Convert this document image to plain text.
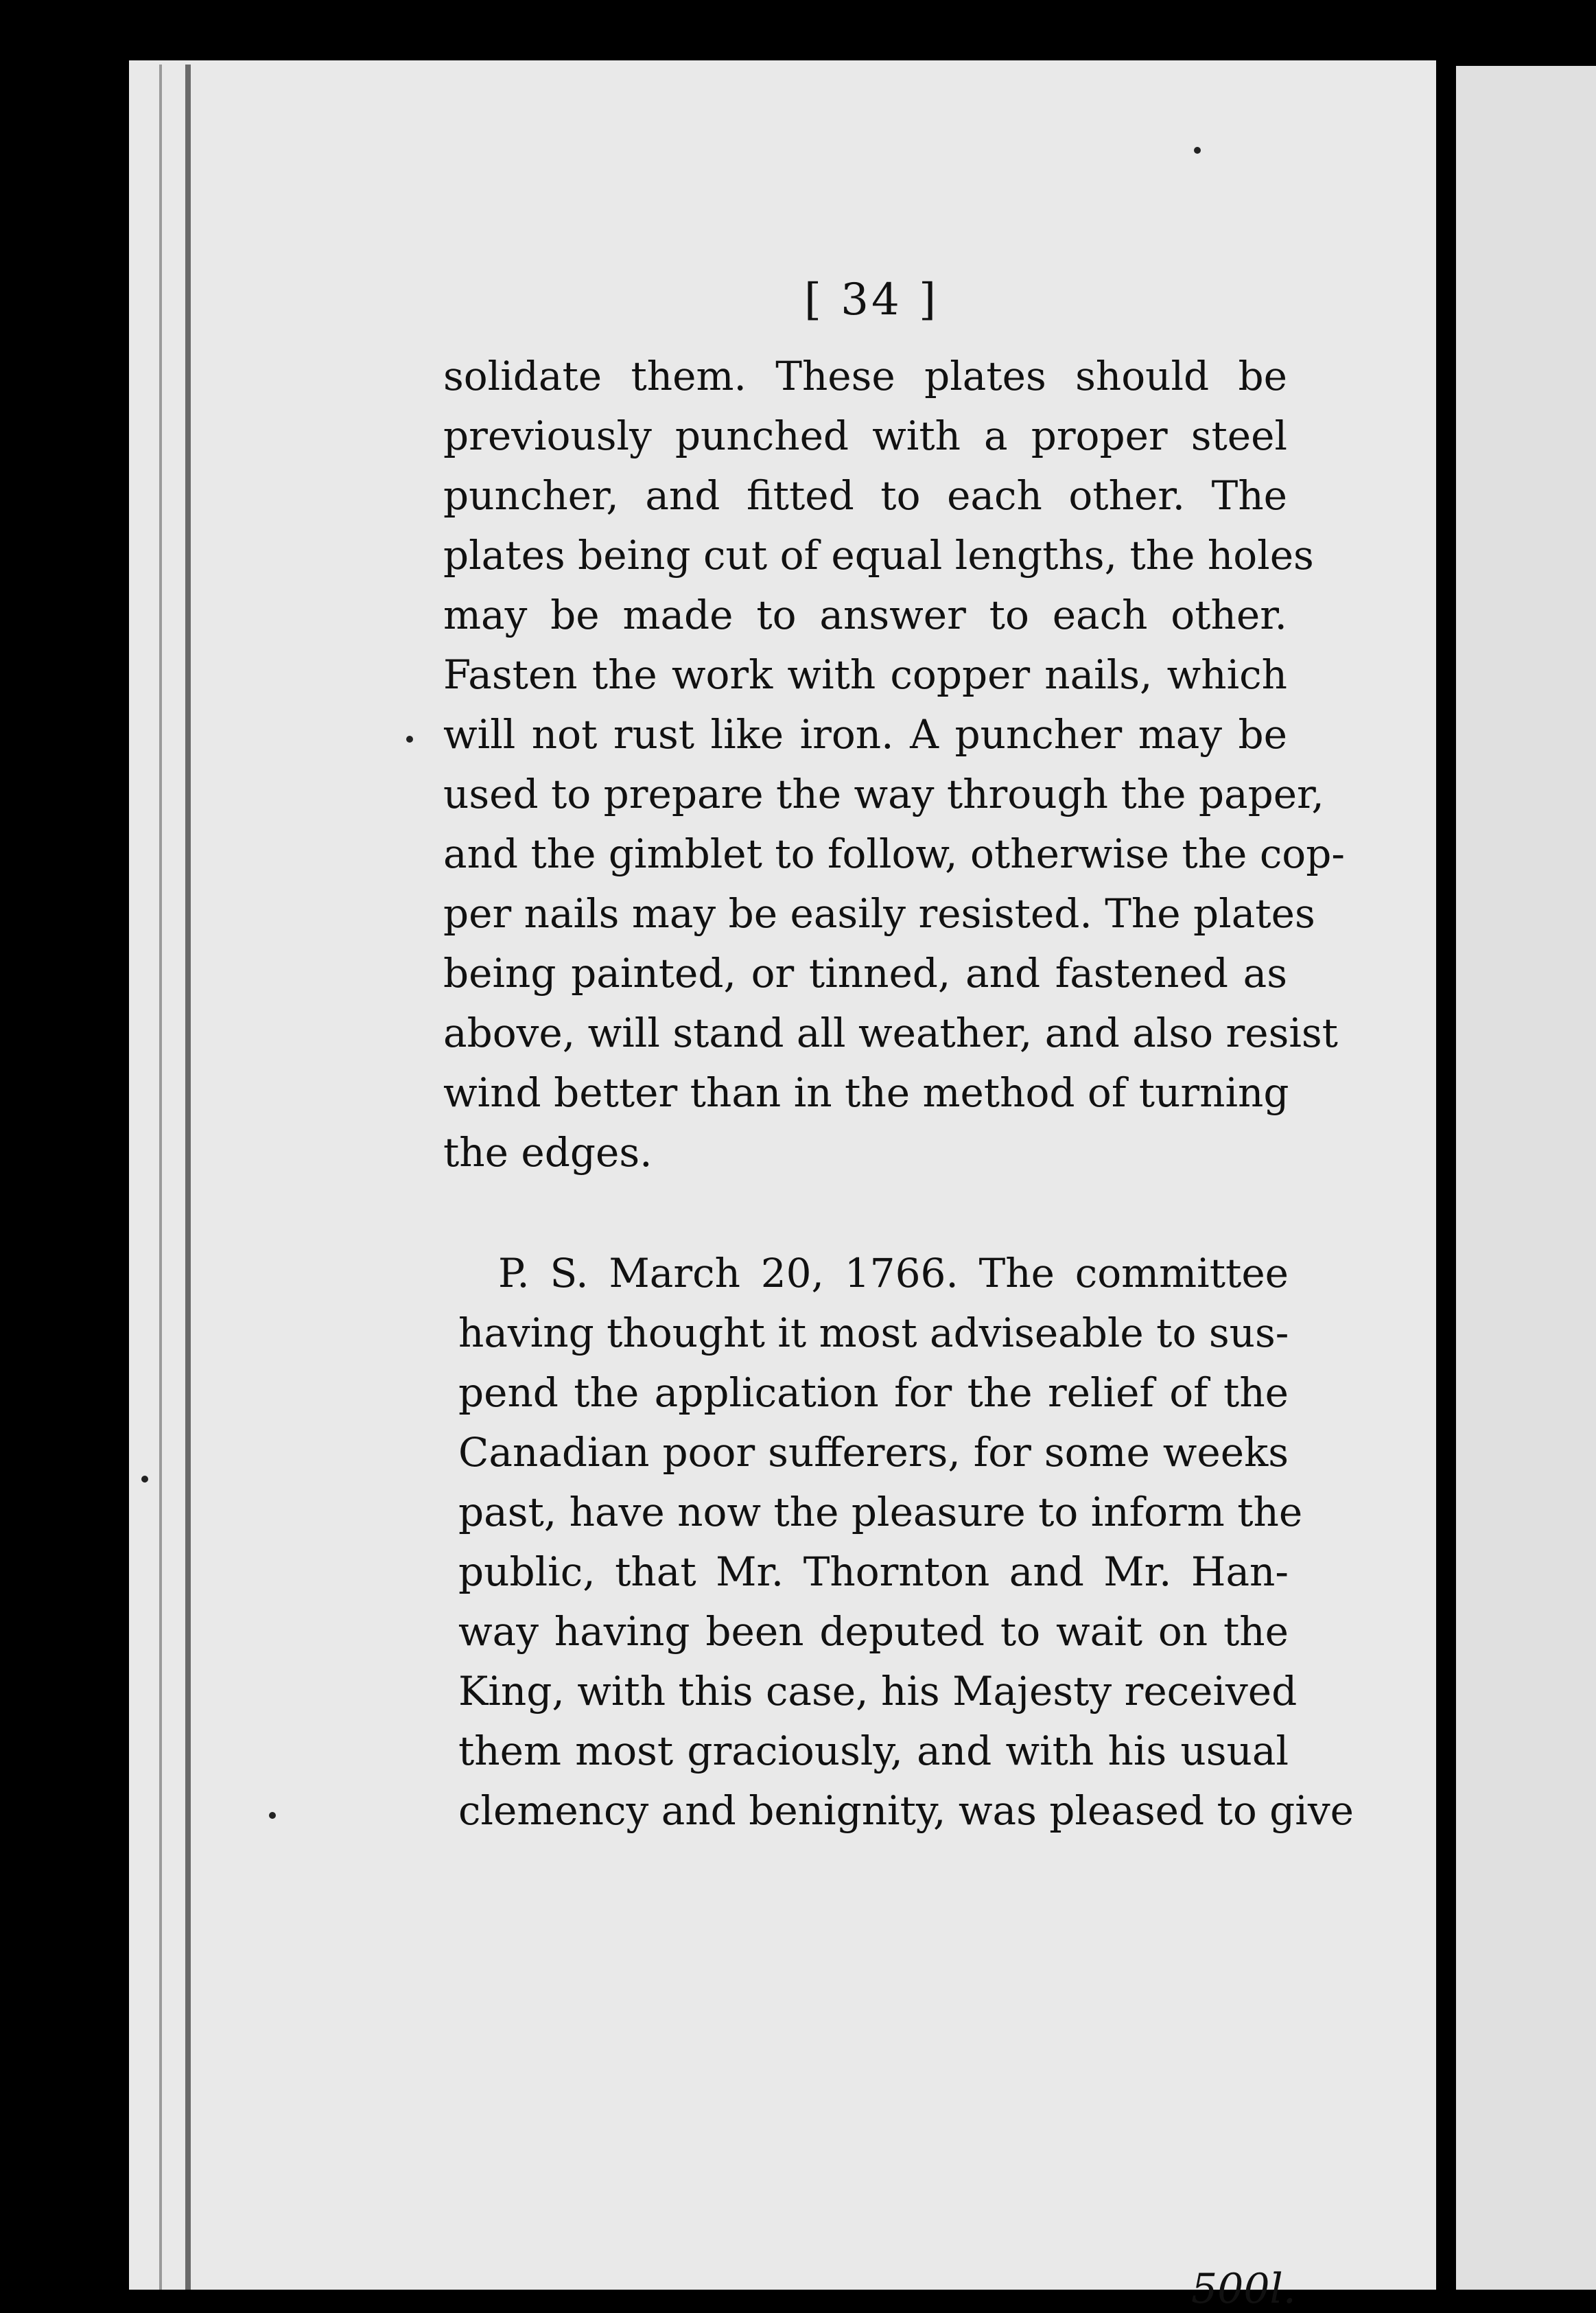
[ 34 ]
solidate them. These plates should be
previously punched with a proper steel
puncher, and fitted to each other. The
plates being cut of equal lengths, the holes
may be made to answer to each other.
Fasten the work with copper nails, which
will not rust like iron. A puncher may be
used to prepare the way through the paper,
and the gimblet to follow, otherwise the cop-
per nails may be easily resisted. The plates
being painted, or tinned, and fastened as
above, will stand all weather, and also resist
wind better than in the method of turning
the edges.
P. S. March 20, 1766. The committee
having thought it most adviseable to sus-
pend the application for the relief of the
Canadian poor sufferers, for some weeks
past, have now the pleasure to inform the
public, that Mr. Thornton and Mr. Han-
way having been deputed to wait on the
King, with this case, his Majesty received
them most graciously, and with his usual
clemency and benignity, was pleased to give
500l.
